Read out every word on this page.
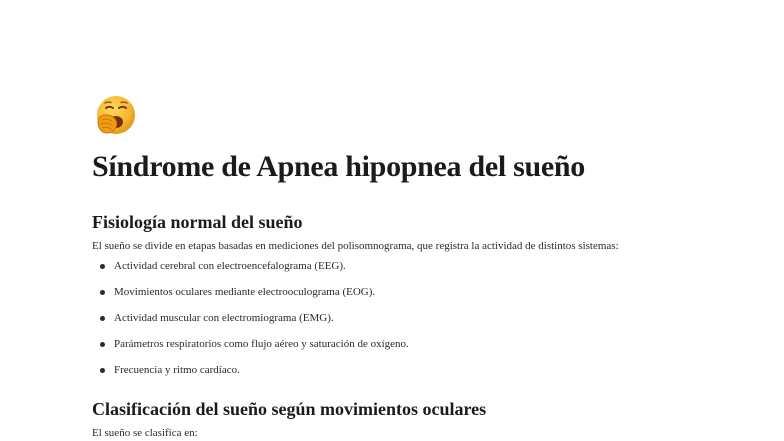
Síndrome de Apnea hipopnea del sueño
Fisiología normal del sueño

El sueño se divide en etapas basadas en mediciones del polisomnograma, que registra la actividad de distintos sistemas:

Actividad cerebral con electroencefalograma (EEG).
Movimientos oculares mediante electrooculograma (EOG).
Actividad muscular con electromiograma (EMG).
Parámetros respiratorios como flujo aéreo y saturación de oxígeno.
Frecuencia y ritmo cardíaco.
Clasificación del sueño según movimientos oculares

El sueño se clasifica en:
